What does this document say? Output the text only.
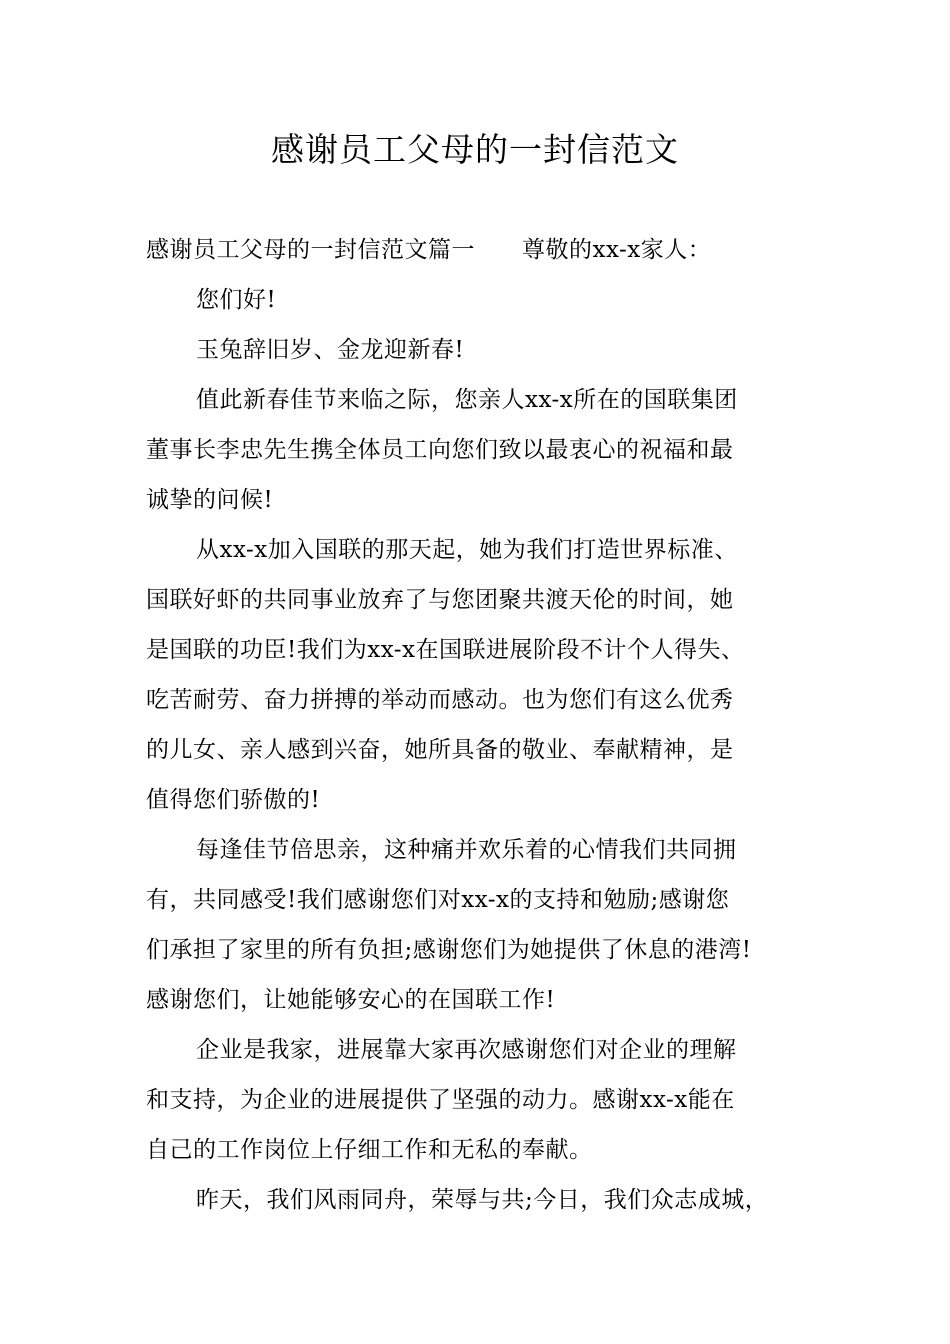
感谢员工父母的一封信范文
感谢员工父母的一封信范文篇一　　尊敬的xx-x家人：
您们好!
玉兔辞旧岁、金龙迎新春!
值此新春佳节来临之际，您亲人xx-x所在的国联集团
董事长李忠先生携全体员工向您们致以最衷心的祝福和最
诚挚的问候!
从xx-x加入国联的那天起，她为我们打造世界标准、
国联好虾的共同事业放弃了与您团聚共渡天伦的时间，她
是国联的功臣!我们为xx-x在国联进展阶段不计个人得失、
吃苦耐劳、奋力拼搏的举动而感动。也为您们有这么优秀
的儿女、亲人感到兴奋，她所具备的敬业、奉献精神，是
值得您们骄傲的!
每逢佳节倍思亲，这种痛并欢乐着的心情我们共同拥
有，共同感受!我们感谢您们对xx-x的支持和勉励;感谢您
们承担了家里的所有负担;感谢您们为她提供了休息的港湾!
感谢您们，让她能够安心的在国联工作!
企业是我家，进展靠大家再次感谢您们对企业的理解
和支持，为企业的进展提供了坚强的动力。感谢xx-x能在
自己的工作岗位上仔细工作和无私的奉献。
昨天，我们风雨同舟，荣辱与共;今日，我们众志成城，
